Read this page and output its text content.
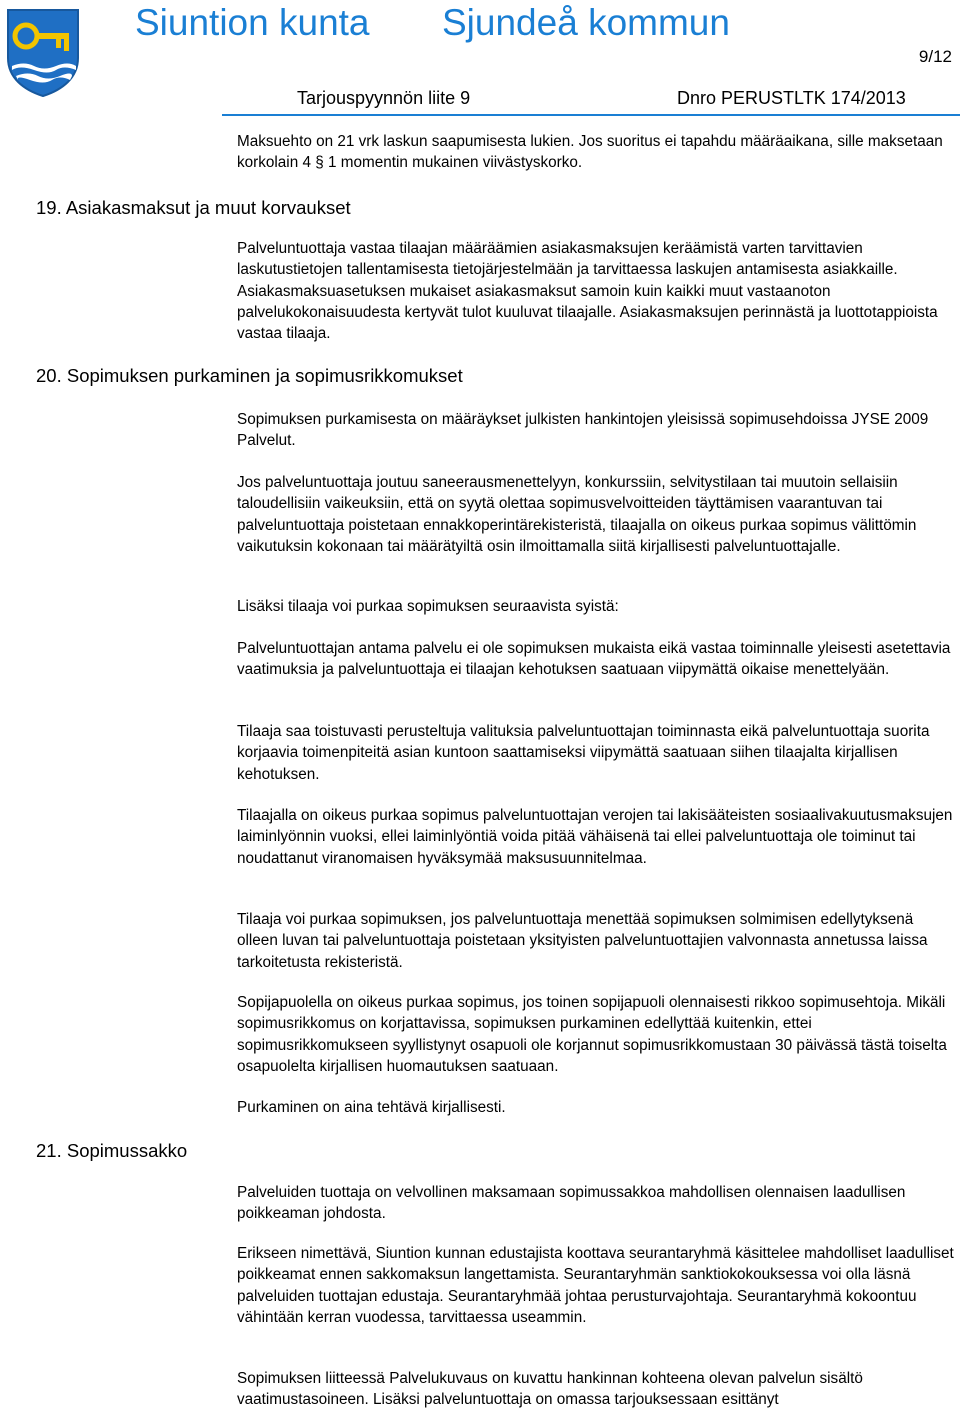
Siuntion kunta Sjundeå kommun
9/12
Tarjouspyynnön liite 9	Dnro PERUSTLTK 174/2013

Maksuehto on 21 vrk laskun saapumisesta lukien. Jos suoritus ei tapahdu määräaikana, sille maksetaan korkolain 4 § 1 momentin mukainen viivästyskorko.

19. Asiakasmaksut ja muut korvaukset

Palveluntuottaja vastaa tilaajan määräämien asiakasmaksujen keräämistä varten tarvittavien laskutustietojen tallentamisesta tietojärjestelmään ja tarvittaessa laskujen antamisesta asiakkaille. Asiakasmaksuasetuksen mukaiset asiakasmaksut samoin kuin kaikki muut vastaanoton palvelukokonaisuudesta kertyvät tulot kuuluvat tilaajalle. Asiakasmaksujen perinnästä ja luottotappioista vastaa tilaaja.

20. Sopimuksen purkaminen ja sopimusrikkomukset

Sopimuksen purkamisesta on määräykset julkisten hankintojen yleisissä sopimusehdoissa JYSE 2009 Palvelut.

Jos palveluntuottaja joutuu saneerausmenettelyyn, konkurssiin, selvitystilaan tai muutoin sellaisiin taloudellisiin vaikeuksiin, että on syytä olettaa sopimusvelvoitteiden täyttämisen vaarantuvan tai palveluntuottaja poistetaan ennakkoperintärekisteristä, tilaajalla on oikeus purkaa sopimus välittömin vaikutuksin kokonaan tai määrätyiltä osin ilmoittamalla siitä kirjallisesti palveluntuottajalle.

Lisäksi tilaaja voi purkaa sopimuksen seuraavista syistä:

Palveluntuottajan antama palvelu ei ole sopimuksen mukaista eikä vastaa toiminnalle yleisesti asetettavia vaatimuksia ja palveluntuottaja ei tilaajan kehotuksen saatuaan viipymättä oikaise menettelyään.

Tilaaja saa toistuvasti perusteltuja valituksia palveluntuottajan toiminnasta eikä palveluntuottaja suorita korjaavia toimenpiteitä asian kuntoon saattamiseksi viipymättä saatuaan siihen tilaajalta kirjallisen kehotuksen.

Tilaajalla on oikeus purkaa sopimus palveluntuottajan verojen tai lakisääteisten sosiaalivakuutusmaksujen laiminlyönnin vuoksi, ellei laiminlyöntiä voida pitää vähäisenä tai ellei palveluntuottaja ole toiminut tai noudattanut viranomaisen hyväksymää maksusuunnitelmaa.

Tilaaja voi purkaa sopimuksen, jos palveluntuottaja menettää sopimuksen solmimisen edellytyksenä olleen luvan tai palveluntuottaja poistetaan yksityisten palveluntuottajien valvonnasta annetussa laissa tarkoitetusta rekisteristä.

Sopijapuolella on oikeus purkaa sopimus, jos toinen sopijapuoli olennaisesti rikkoo sopimusehtoja. Mikäli sopimusrikkomus on korjattavissa, sopimuksen purkaminen edellyttää kuitenkin, ettei sopimusrikkomukseen syyllistynyt osapuoli ole korjannut sopimusrikkomustaan 30 päivässä tästä toiselta osapuolelta kirjallisen huomautuksen saatuaan.

Purkaminen on aina tehtävä kirjallisesti.

21. Sopimussakko

Palveluiden tuottaja on velvollinen maksamaan sopimussakkoa mahdollisen olennaisen laadullisen poikkeaman johdosta.

Erikseen nimettävä, Siuntion kunnan edustajista koottava seurantaryhmä käsittelee mahdolliset laadulliset poikkeamat ennen sakkomaksun langettamista. Seurantaryhmän sanktiokokouksessa voi olla läsnä palveluiden tuottajan edustaja. Seurantaryhmää johtaa perusturvajohtaja. Seurantaryhmä kokoontuu vähintään kerran vuodessa, tarvittaessa useammin.

Sopimuksen liitteessä Palvelukuvaus on kuvattu hankinnan kohteena olevan palvelun sisältö vaatimustasoineen. Lisäksi palveluntuottaja on omassa tarjouksessaan esittänyt
